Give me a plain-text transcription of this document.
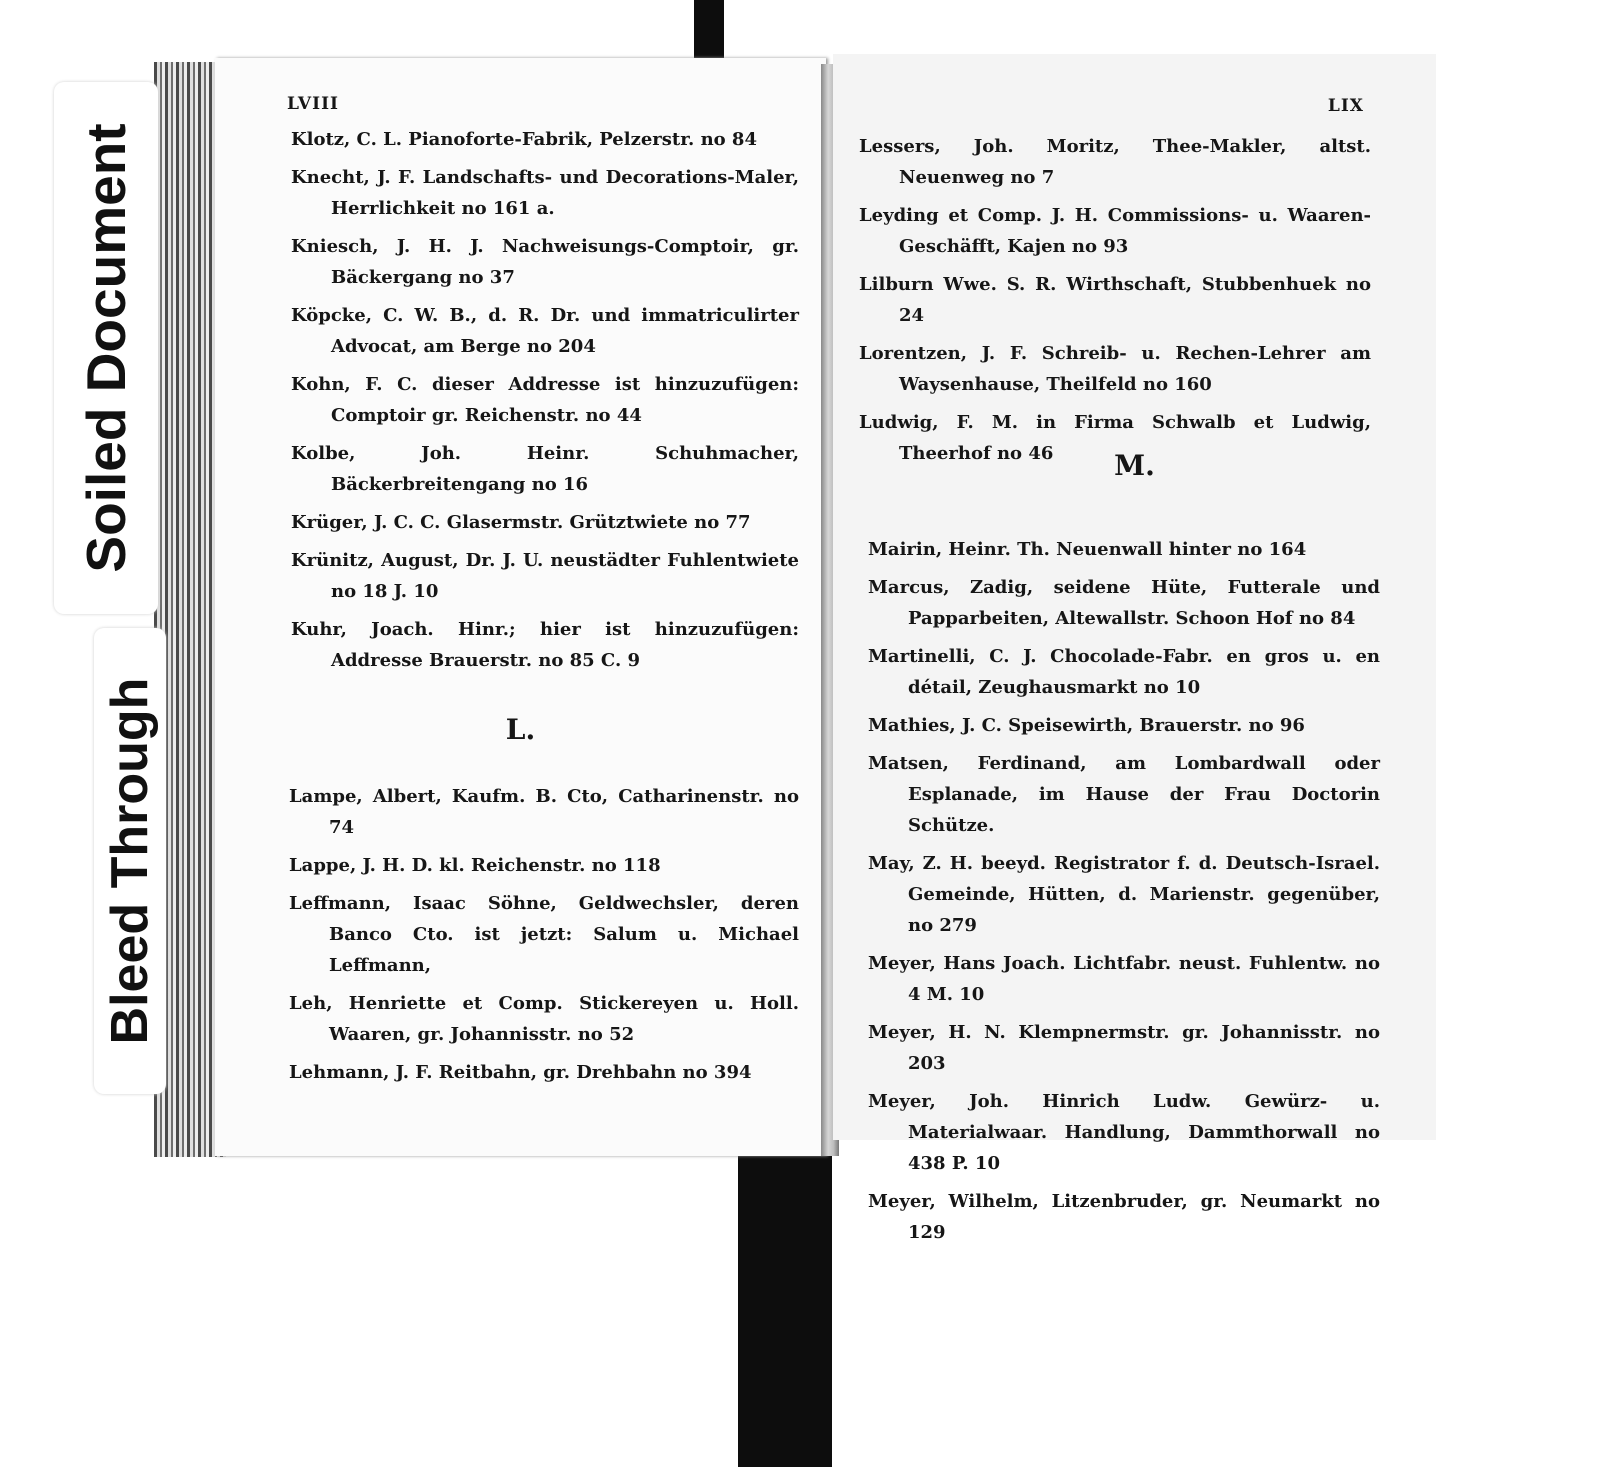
LVIII
Klotz, C. L. Pianoforte-Fabrik, Pelzerstr. no 84
Knecht, J. F. Landschafts- und Decorations-Maler, Herrlichkeit no 161 a.
Kniesch, J. H. J. Nachweisungs-Comptoir, gr. Bäckergang no 37
Köpcke, C. W. B., d. R. Dr. und immatriculirter Advocat, am Berge no 204
Kohn, F. C. dieser Addresse ist hinzuzufügen: Comptoir gr. Reichenstr. no 44
Kolbe, Joh. Heinr. Schuhmacher, Bäckerbreitengang no 16
Krüger, J. C. C. Glasermstr. Grütztwiete no 77
Krünitz, August, Dr. J. U. neustädter Fuhlentwiete no 18 J. 10
Kuhr, Joach. Hinr.; hier ist hinzuzufügen: Addresse Brauerstr. no 85 C. 9
L.
Lampe, Albert, Kaufm. B. Cto, Catharinenstr. no 74
Lappe, J. H. D. kl. Reichenstr. no 118
Leffmann, Isaac Söhne, Geldwechsler, deren Banco Cto. ist jetzt: Salum u. Michael Leffmann,
Leh, Henriette et Comp. Stickereyen u. Holl. Waaren, gr. Johannisstr. no 52
Lehmann, J. F. Reitbahn, gr. Drehbahn no 394
LIX
Lessers, Joh. Moritz, Thee-Makler, altst. Neuenweg no 7
Leyding et Comp. J. H. Commissions- u. Waaren-Geschäfft, Kajen no 93
Lilburn Wwe. S. R. Wirthschaft, Stubbenhuek no 24
Lorentzen, J. F. Schreib- u. Rechen-Lehrer am Waysenhause, Theilfeld no 160
Ludwig, F. M. in Firma Schwalb et Ludwig, Theerhof no 46	M.
Mairin, Heinr. Th. Neuenwall hinter no 164
Marcus, Zadig, seidene Hüte, Futterale und Papparbeiten, Altewallstr. Schoon Hof no 84
Martinelli, C. J. Chocolade-Fabr. en gros u. en détail, Zeughausmarkt no 10
Mathies, J. C. Speisewirth, Brauerstr. no 96
Matsen, Ferdinand, am Lombardwall oder Esplanade, im Hause der Frau Doctorin Schütze.
May, Z. H. beeyd. Registrator f. d. Deutsch-Israel. Gemeinde, Hütten, d. Marienstr. gegenüber, no 279
Meyer, Hans Joach. Lichtfabr. neust. Fuhlentw. no 4 M. 10
Meyer, H. N. Klempnermstr. gr. Johannisstr. no 203
Meyer, Joh. Hinrich Ludw. Gewürz- u. Materialwaar. Handlung, Dammthorwall no 438 P. 10
Meyer, Wilhelm, Litzenbruder, gr. Neumarkt no 129
Soiled Document
Bleed Through
